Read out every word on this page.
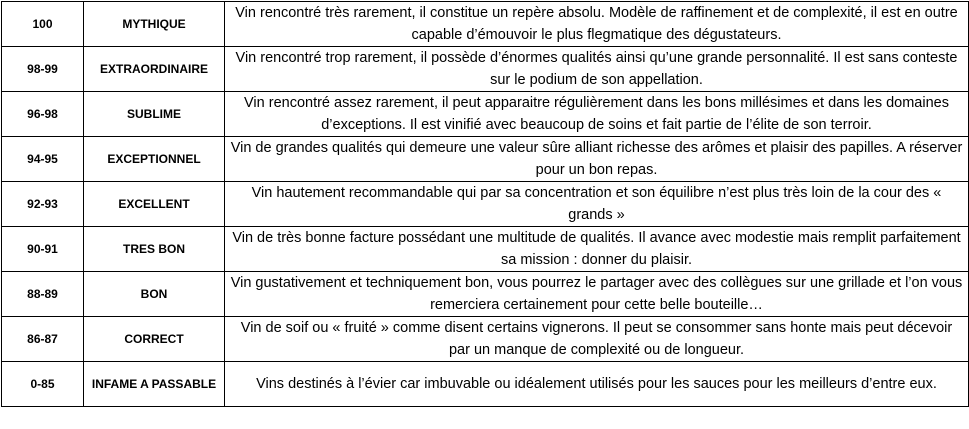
100	MYTHIQUE	Vin rencontré très rarement, il constitue un repère absolu. Modèle de raffinement et de complexité, il est en outre capable d’émouvoir le plus flegmatique des dégustateurs.
98-99	EXTRAORDINAIRE	Vin rencontré trop rarement, il possède d’énormes qualités ainsi qu’une grande personnalité. Il est sans conteste sur le podium de son appellation.
96-98	SUBLIME	Vin rencontré assez rarement, il peut apparaitre régulièrement dans les bons millésimes et dans les domaines d’exceptions. Il est vinifié avec beaucoup de soins et fait partie de l’élite de son terroir.
94-95	EXCEPTIONNEL	Vin de grandes qualités qui demeure une valeur sûre alliant richesse des arômes et plaisir des papilles. A réserver pour un bon repas.
92-93	EXCELLENT	Vin hautement recommandable qui par sa concentration et son équilibre n’est plus très loin de la cour des « grands »
90-91	TRES BON	Vin de très bonne facture possédant une multitude de qualités. Il avance avec modestie mais remplit parfaitement sa mission : donner du plaisir.
88-89	BON	Vin gustativement et techniquement bon, vous pourrez le partager avec des collègues sur une grillade et l’on vous remerciera certainement pour cette belle bouteille…
86-87	CORRECT	Vin de soif ou « fruité » comme disent certains vignerons. Il peut se consommer sans honte mais peut décevoir par un manque de complexité ou de longueur.
0-85	INFAME A PASSABLE	Vins destinés à l’évier car imbuvable ou idéalement utilisés pour les sauces pour les meilleurs d’entre eux.
